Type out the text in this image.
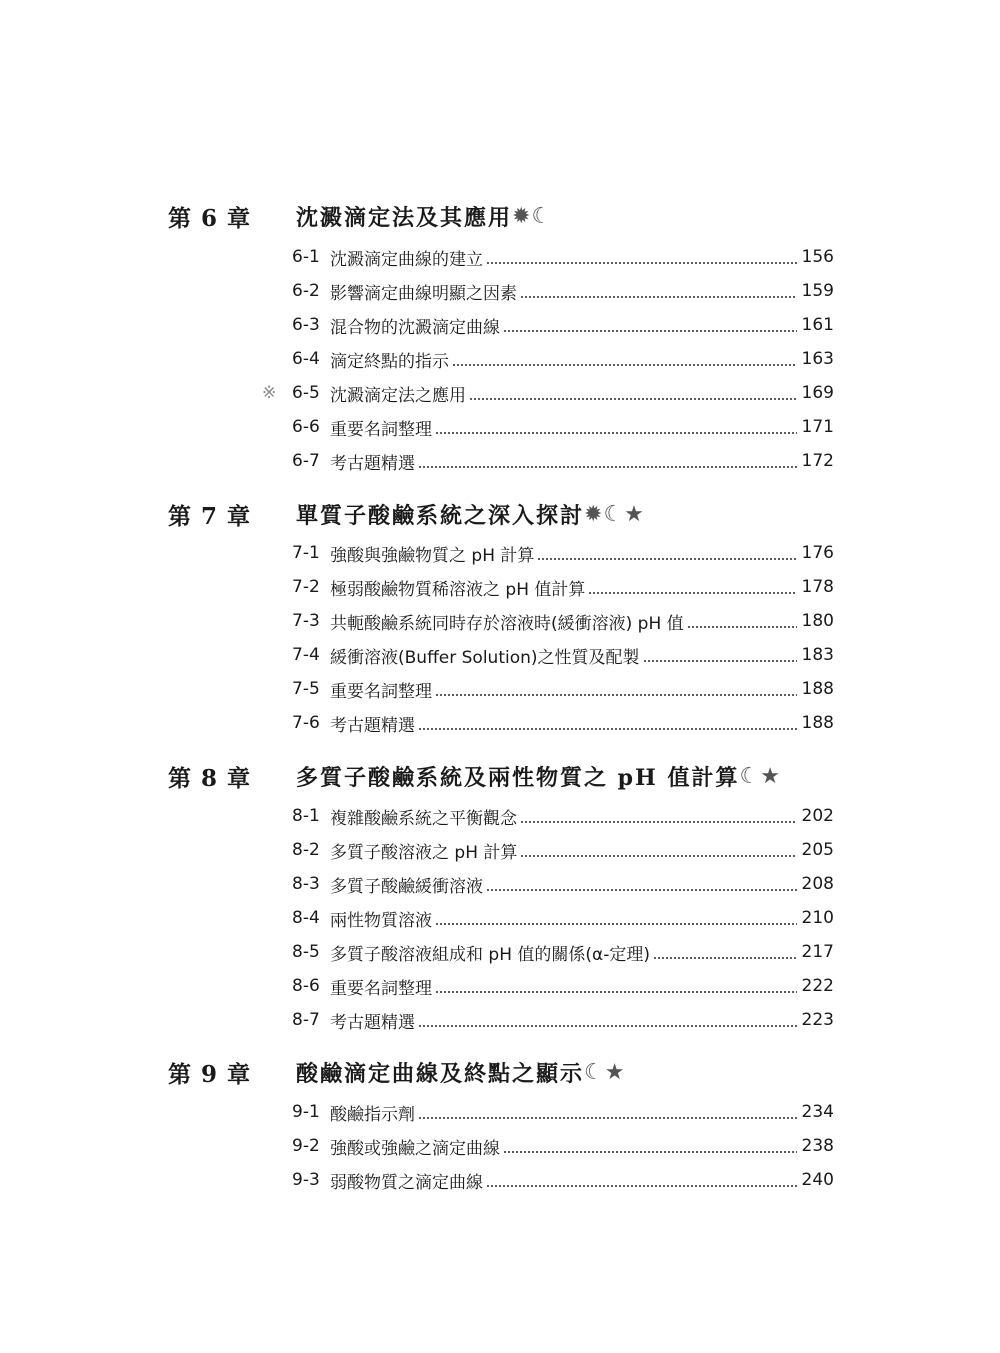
第 6 章	沈澱滴定法及其應用 ✹☾
6-1 沈澱滴定曲線的建立	156
6-2 影響滴定曲線明顯之因素	159
6-3 混合物的沈澱滴定曲線	161
6-4 滴定終點的指示	163
※ 6-5 沈澱滴定法之應用	169
6-6 重要名詞整理	171
6-7 考古題精選	172
第 7 章	單質子酸鹼系統之深入探討 ✹☾★
7-1 強酸與強鹼物質之 pH 計算	176
7-2 極弱酸鹼物質稀溶液之 pH 值計算	178
7-3 共軛酸鹼系統同時存於溶液時(緩衝溶液) pH 值	180
7-4 緩衝溶液(Buffer Solution)之性質及配製	183
7-5 重要名詞整理	188
7-6 考古題精選	188
第 8 章	多質子酸鹼系統及兩性物質之 pH 值計算 ☾★
8-1 複雜酸鹼系統之平衡觀念	202
8-2 多質子酸溶液之 pH 計算	205
8-3 多質子酸鹼緩衝溶液	208
8-4 兩性物質溶液	210
8-5 多質子酸溶液組成和 pH 值的關係(α-定理)	217
8-6 重要名詞整理	222
8-7 考古題精選	223
第 9 章	酸鹼滴定曲線及終點之顯示 ☾★
9-1 酸鹼指示劑	234
9-2 強酸或強鹼之滴定曲線	238
9-3 弱酸物質之滴定曲線	240
